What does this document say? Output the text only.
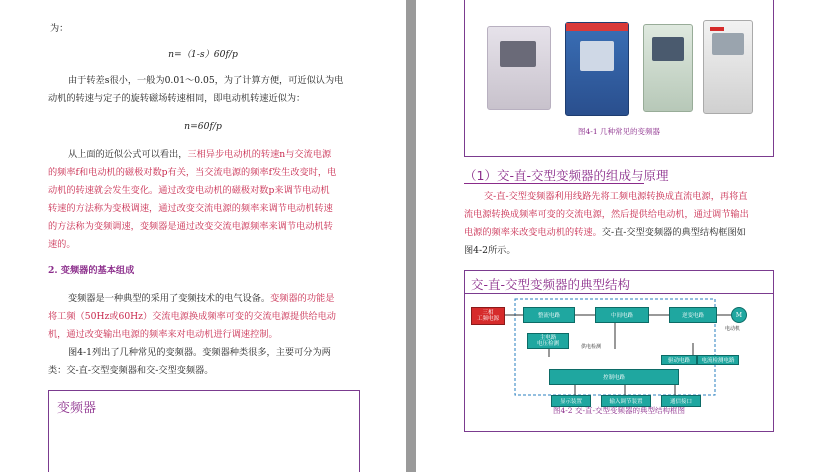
为：
n=（1-s）60f/p
由于转差s很小，一般为0.01～0.05，为了计算方便，可近似认为电
动机的转速与定子的旋转磁场转速相同，即电动机转速近似为：
n=60f/p
从上面的近似公式可以看出，三相异步电动机的转速n与交流电源
的频率f和电动机的磁极对数p有关，当交流电源的频率f发生改变时，电
动机的转速就会发生变化。通过改变电动机的磁极对数p来调节电动机
转速的方法称为变极调速，通过改变交流电源的频率来调节电动机转速
的方法称为变频调速，变频器是通过改变交流电源频率来调节电动机转
速的。
2. 变频器的基本组成
变频器是一种典型的采用了变频技术的电气设备。变频器的功能是
将工频（50Hz或60Hz）交流电源换成频率可变的交流电源提供给电动
机，通过改变输出电源的频率来对电动机进行调速控制。
图4-1列出了几种常见的变频器。变频器种类很多，主要可分为两
类：交-直-交型变频器和交-交型变频器。
变频器
图4-1 几种常见的变频器
（1）交-直-交型变频器的组成与原理
交-直-交型变频器利用线路先将工频电源转换成直流电源，再将直
流电源转换成频率可变的交流电源，然后提供给电动机，通过调节输出
电源的频率来改变电动机的转速。交-直-交型变频器的典型结构框图如
图4-2所示。
交-直-交型变频器的典型结构
三相
工频电源	整流电路	中间电路	逆变电路	M
电动机
主电路
电压检测	供电检测
驱动电路	电流检测电路
控制电路
显示装置	输入调节装置	通信接口
图4-2 交-直-交型变频器的典型结构框图
